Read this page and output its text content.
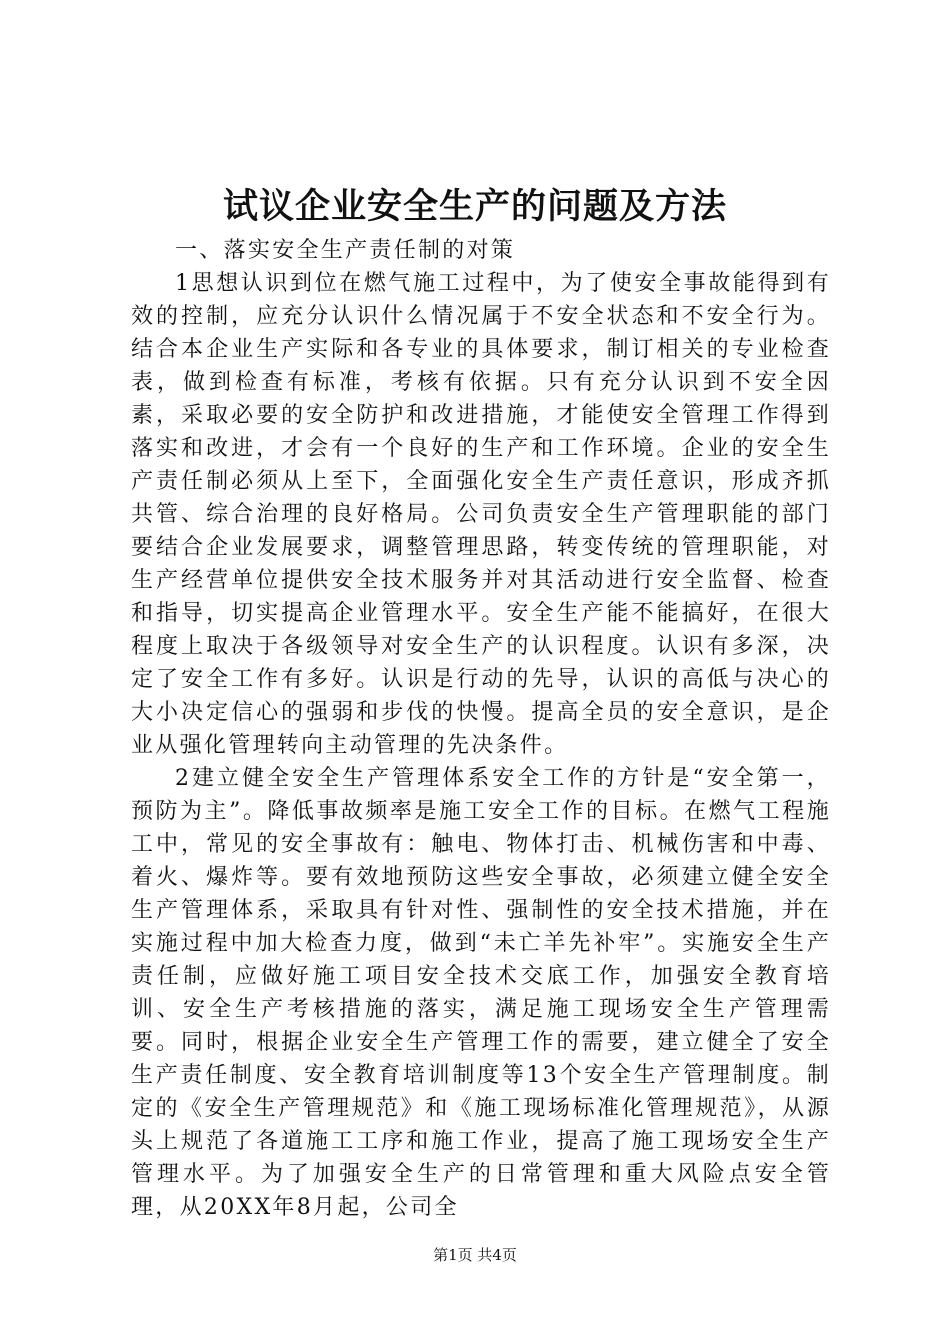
试议企业安全生产的问题及方法

一、落实安全生产责任制的对策

1思想认识到位在燃气施工过程中，为了使安全事故能得到有效的控制，应充分认识什么情况属于不安全状态和不安全行为。结合本企业生产实际和各专业的具体要求，制订相关的专业检查表，做到检查有标准，考核有依据。只有充分认识到不安全因素，采取必要的安全防护和改进措施，才能使安全管理工作得到落实和改进，才会有一个良好的生产和工作环境。企业的安全生产责任制必须从上至下，全面强化安全生产责任意识，形成齐抓共管、综合治理的良好格局。公司负责安全生产管理职能的部门要结合企业发展要求，调整管理思路，转变传统的管理职能，对生产经营单位提供安全技术服务并对其活动进行安全监督、检查和指导，切实提高企业管理水平。安全生产能不能搞好，在很大程度上取决于各级领导对安全生产的认识程度。认识有多深，决定了安全工作有多好。认识是行动的先导，认识的高低与决心的大小决定信心的强弱和步伐的快慢。提高全员的安全意识，是企业从强化管理转向主动管理的先决条件。

2建立健全安全生产管理体系安全工作的方针是“安全第一，预防为主”。降低事故频率是施工安全工作的目标。在燃气工程施工中，常见的安全事故有：触电、物体打击、机械伤害和中毒、着火、爆炸等。要有效地预防这些安全事故，必须建立健全安全生产管理体系，采取具有针对性、强制性的安全技术措施，并在实施过程中加大检查力度，做到“未亡羊先补牢”。实施安全生产责任制，应做好施工项目安全技术交底工作，加强安全教育培训、安全生产考核措施的落实，满足施工现场安全生产管理需要。同时，根据企业安全生产管理工作的需要，建立健全了安全生产责任制度、安全教育培训制度等13个安全生产管理制度。制定的《安全生产管理规范》和《施工现场标准化管理规范》，从源头上规范了各道施工工序和施工作业，提高了施工现场安全生产管理水平。为了加强安全生产的日常管理和重大风险点安全管理，从20XX年8月起，公司全

第1页 共4页
